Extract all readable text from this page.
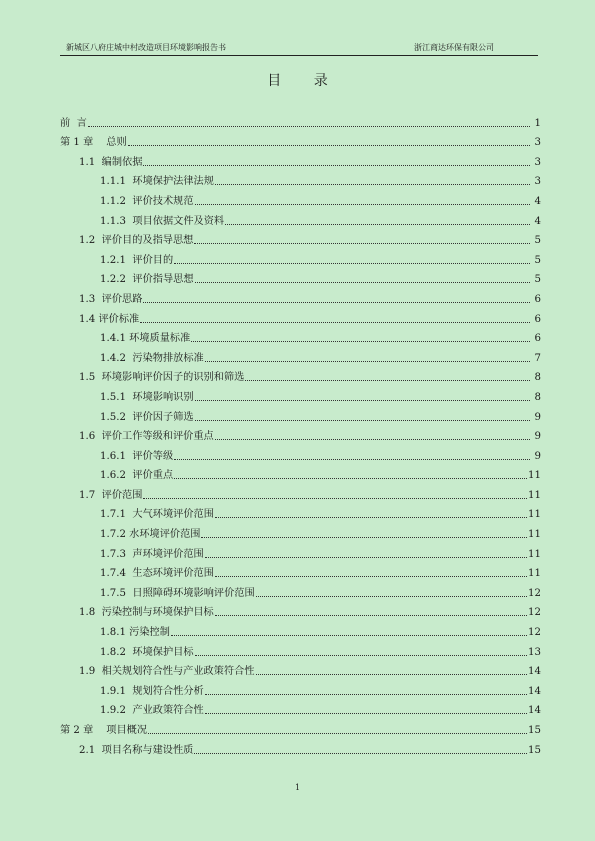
新城区八府庄城中村改造项目环境影响报告书	浙江商达环保有限公司
目 录
前  言	1
第 1 章    总则	3
1.1  编制依据	3
1.1.1  环境保护法律法规	3
1.1.2  评价技术规范	4
1.1.3  项目依据文件及资料	4
1.2  评价目的及指导思想	5
1.2.1  评价目的	5
1.2.2  评价指导思想	5
1.3  评价思路	6
1.4 评价标准	6
1.4.1 环境质量标准	6
1.4.2  污染物排放标准	7
1.5  环境影响评价因子的识别和筛选	8
1.5.1  环境影响识别	8
1.5.2  评价因子筛选	9
1.6  评价工作等级和评价重点	9
1.6.1  评价等级	9
1.6.2  评价重点	11
1.7  评价范围	11
1.7.1  大气环境评价范围	11
1.7.2 水环境评价范围	11
1.7.3  声环境评价范围	11
1.7.4  生态环境评价范围	11
1.7.5  日照障碍环境影响评价范围	12
1.8  污染控制与环境保护目标	12
1.8.1 污染控制	12
1.8.2  环境保护目标	13
1.9  相关规划符合性与产业政策符合性	14
1.9.1  规划符合性分析	14
1.9.2  产业政策符合性	14
第 2 章    项目概况	15
2.1  项目名称与建设性质	15
1
